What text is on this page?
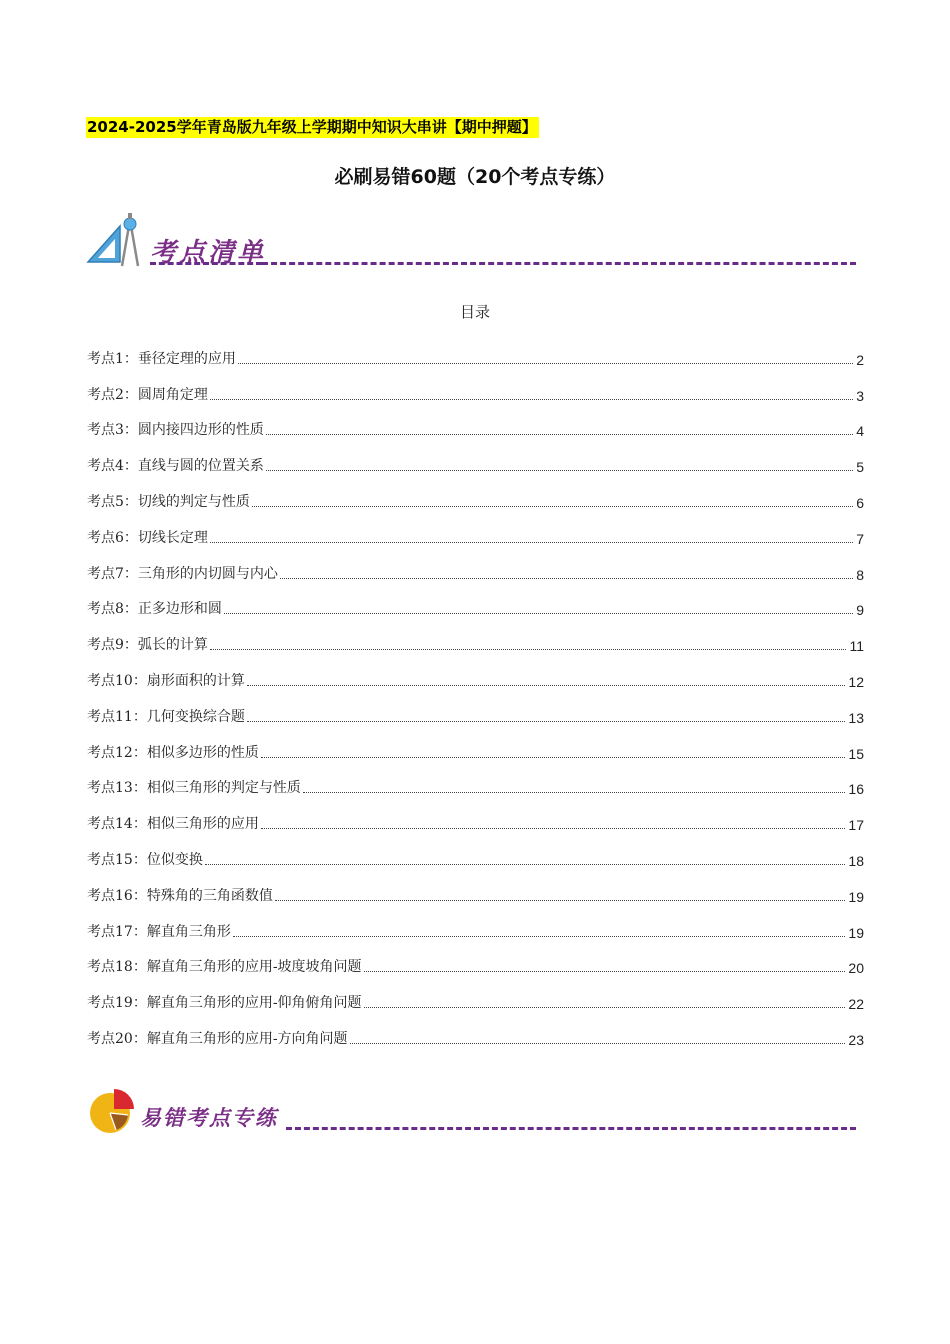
2024-2025学年青岛版九年级上学期期中知识大串讲【期中押题】
必刷易错60题（20个考点专练）
考点清单
目录
考点1： 垂径定理的应用	2
考点2： 圆周角定理	3
考点3： 圆内接四边形的性质	4
考点4： 直线与圆的位置关系	5
考点5： 切线的判定与性质	6
考点6： 切线长定理	7
考点7： 三角形的内切圆与内心	8
考点8： 正多边形和圆	9
考点9： 弧长的计算	11
考点10： 扇形面积的计算	12
考点11： 几何变换综合题	13
考点12： 相似多边形的性质	15
考点13： 相似三角形的判定与性质	16
考点14： 相似三角形的应用	17
考点15： 位似变换	18
考点16： 特殊角的三角函数值	19
考点17： 解直角三角形	19
考点18： 解直角三角形的应用-坡度坡角问题	20
考点19： 解直角三角形的应用-仰角俯角问题	22
考点20： 解直角三角形的应用-方向角问题	23
易错考点专练
